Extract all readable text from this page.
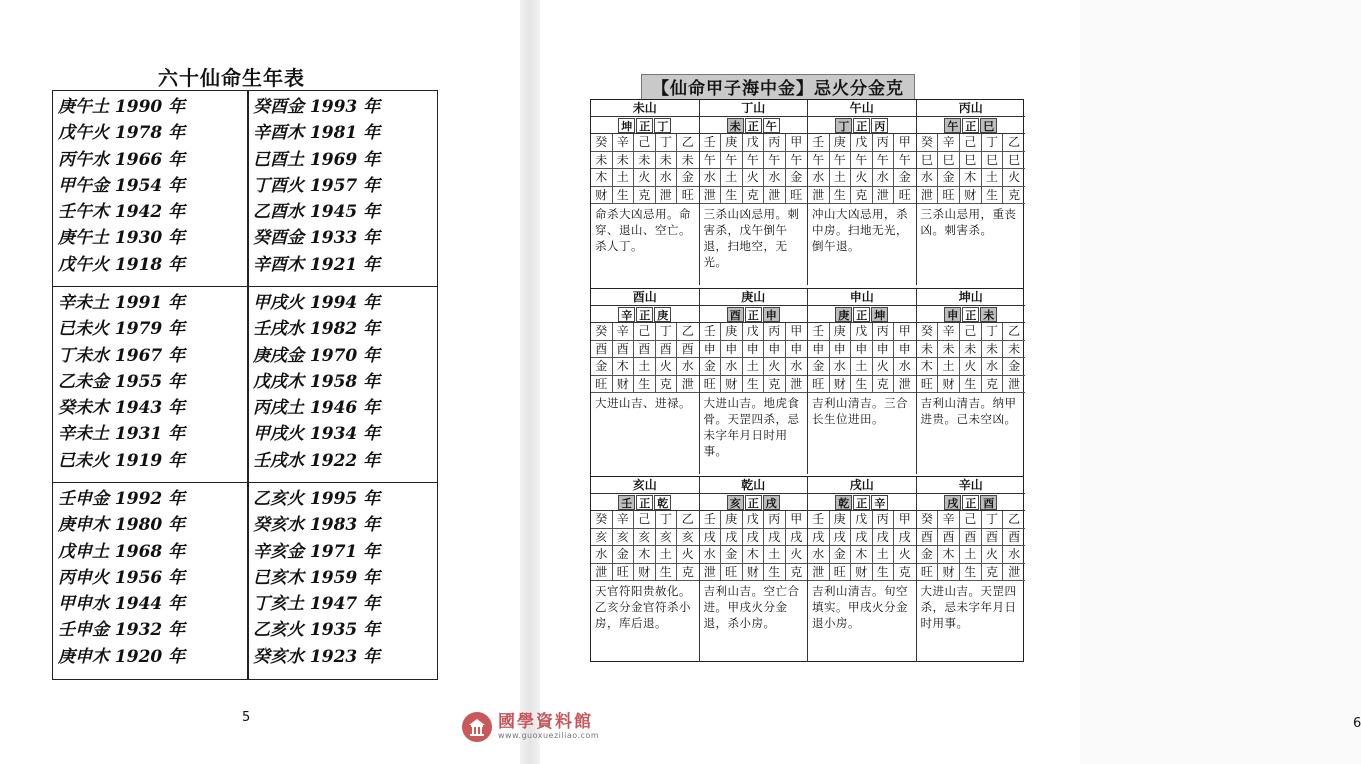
六十仙命生年表
庚午土 1990 年
戊午火 1978 年
丙午水 1966 年
甲午金 1954 年
壬午木 1942 年
庚午土 1930 年
戊午火 1918 年
癸酉金 1993 年
辛酉木 1981 年
已酉土 1969 年
丁酉火 1957 年
乙酉水 1945 年
癸酉金 1933 年
辛酉木 1921 年
辛未土 1991 年
已未火 1979 年
丁未水 1967 年
乙未金 1955 年
癸未木 1943 年
辛未土 1931 年
已未火 1919 年
甲戌火 1994 年
壬戌水 1982 年
庚戌金 1970 年
戊戌木 1958 年
丙戌土 1946 年
甲戌火 1934 年
壬戌水 1922 年
壬申金 1992 年
庚申木 1980 年
戊申土 1968 年
丙申火 1956 年
甲申水 1944 年
壬申金 1932 年
庚申木 1920 年
乙亥火 1995 年
癸亥水 1983 年
辛亥金 1971 年
已亥木 1959 年
丁亥土 1947 年
乙亥火 1935 年
癸亥水 1923 年
5	6
【仙命甲子海中金】忌火分金克
未山
坤 正 丁
癸 辛 己 丁 乙
未 未 未 未 未
木 土 火 水 金
财 生 克 泄 旺
命杀大凶忌用。命穿、退山、空亡。杀人丁。
丁山
未 正 午
壬 庚 戊 丙 甲
午 午 午 午 午
水 土 火 水 金
泄 生 克 泄 旺
三杀山凶忌用。刺害杀，戊午倒午退，扫地空，无光。
午山
丁 正 丙
壬 庚 戊 丙 甲
午 午 午 午 午
水 土 火 水 金
泄 生 克 泄 旺
冲山大凶忌用，杀中房。扫地无光，倒午退。
丙山
午 正 巳
癸 辛 己 丁 乙
巳 巳 巳 巳 巳
水 金 木 土 火
泄 旺 财 生 克
三杀山忌用，重丧凶。刺害杀。
酉山
辛 正 庚
癸 辛 己 丁 乙
酉 酉 酉 酉 酉
金 木 土 火 水
旺 财 生 克 泄
大进山吉、进禄。
庚山
酉 正 申
壬 庚 戊 丙 甲
申 申 申 申 申
金 水 土 火 水
旺 财 生 克 泄
大进山吉。地虎食骨。天罡四杀，忌未字年月日时用事。
申山
庚 正 坤
壬 庚 戊 丙 甲
申 申 申 申 申
金 水 土 火 水
旺 财 生 克 泄
吉利山清吉。三合长生位进田。
坤山
申 正 未
癸 辛 己 丁 乙
未 未 未 未 未
木 土 火 水 金
旺 财 生 克 泄
吉利山清吉。纳甲进贵。己未空凶。
亥山
壬 正 乾
癸 辛 己 丁 乙
亥 亥 亥 亥 亥
水 金 木 土 火
泄 旺 财 生 克
天官符阳贵赦化。乙亥分金官符杀小房，库后退。
乾山
亥 正 戌
壬 庚 戊 丙 甲
戌 戌 戌 戌 戌
水 金 木 土 火
泄 旺 财 生 克
吉利山吉。空亡合进。甲戌火分金退，杀小房。
戌山
乾 正 辛
壬 庚 戊 丙 甲
戌 戌 戌 戌 戌
水 金 木 土 火
泄 旺 财 生 克
吉利山清吉。旬空填实。甲戌火分金退小房。
辛山
戌 正 酉
癸 辛 己 丁 乙
酉 酉 酉 酉 酉
金 木 土 火 水
旺 财 生 克 泄
大进山吉。天罡四杀，忌未字年月日时用事。
國學資料館
www.guoxueziliao.com
